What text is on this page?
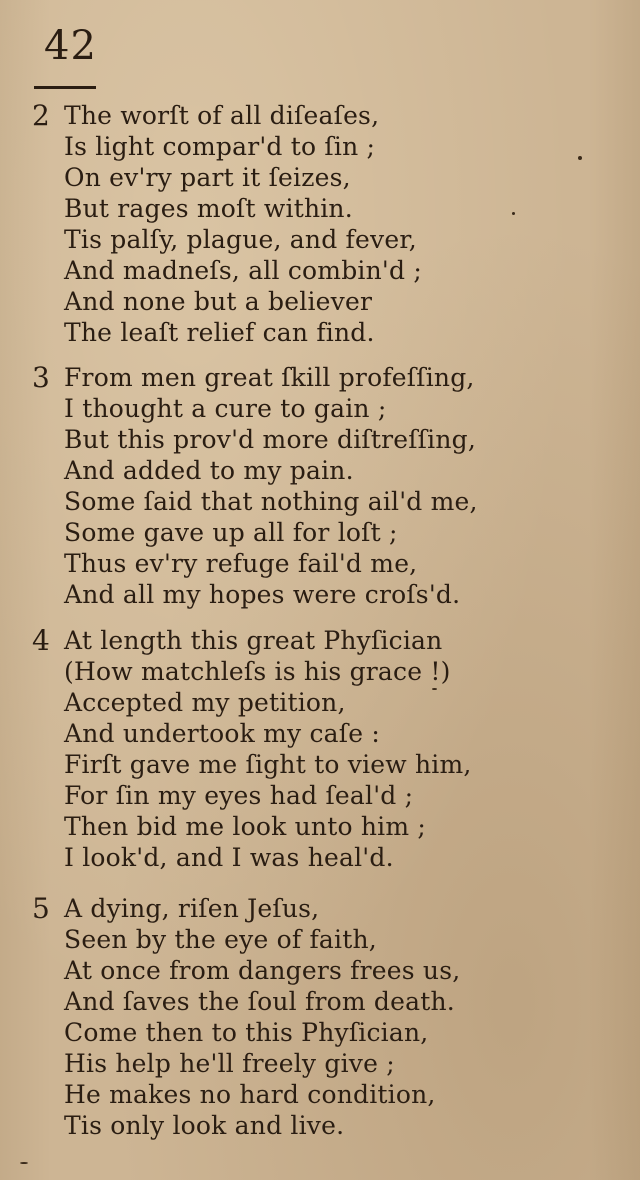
42
2 The worſt of all diſeaſes,
Is light compar'd to ſin ;
On ev'ry part it ſeizes,
But rages moſt within.
Tis palſy, plague, and fever,
And madneſs, all combin'd ;
And none but a believer
The leaſt relief can find.
3 From men great ſkill profeſſing,
I thought a cure to gain ;
But this prov'd more diſtreſſing,
And added to my pain.
Some ſaid that nothing ail'd me,
Some gave up all for loſt ;
Thus ev'ry refuge fail'd me,
And all my hopes were croſs'd.
4 At length this great Phyſician
(How matchleſs is his grace !)
Accepted my petition,
And undertook my caſe :
Firſt gave me ſight to view him,
For ſin my eyes had ſeal'd ;
Then bid me look unto him ;
I look'd, and I was heal'd.
5 A dying, riſen Jeſus,
Seen by the eye of faith,
At once from dangers frees us,
And ſaves the ſoul from death.
Come then to this Phyſician,
His help he'll freely give ;
He makes no hard condition,
Tis only look and live.
